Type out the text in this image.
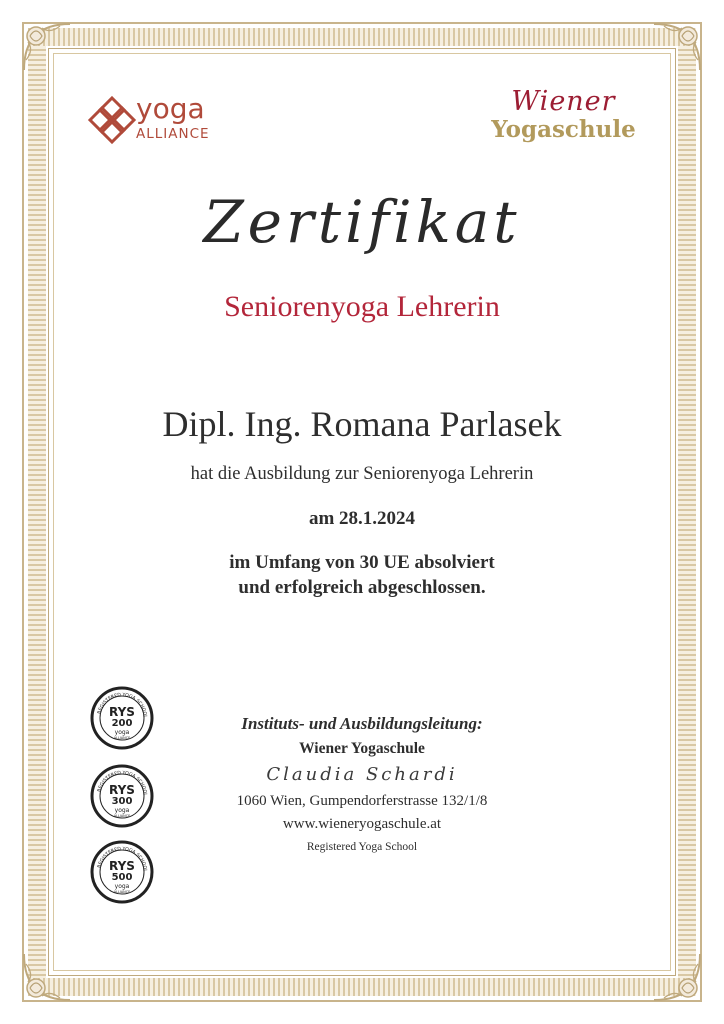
yoga
ALLIANCE
Wiener
Yogaschule
Zertifikat
Seniorenyoga Lehrerin
Dipl. Ing. Romana Parlasek
hat die Ausbildung zur Seniorenyoga Lehrerin
am 28.1.2024
im Umfang von 30 UE absolviert
und erfolgreich abgeschlossen.
REGISTERED YOGA SCHOOL
RYS
200
yoga
ALLIANCE
REGISTERED YOGA SCHOOL
RYS
300
yoga
ALLIANCE
REGISTERED YOGA SCHOOL
RYS
500
yoga
ALLIANCE
Instituts- und Ausbildungsleitung:
Wiener Yogaschule
Claudia Schardi
1060 Wien, Gumpendorferstrasse 132/1/8
www.wieneryogaschule.at
Registered Yoga School
